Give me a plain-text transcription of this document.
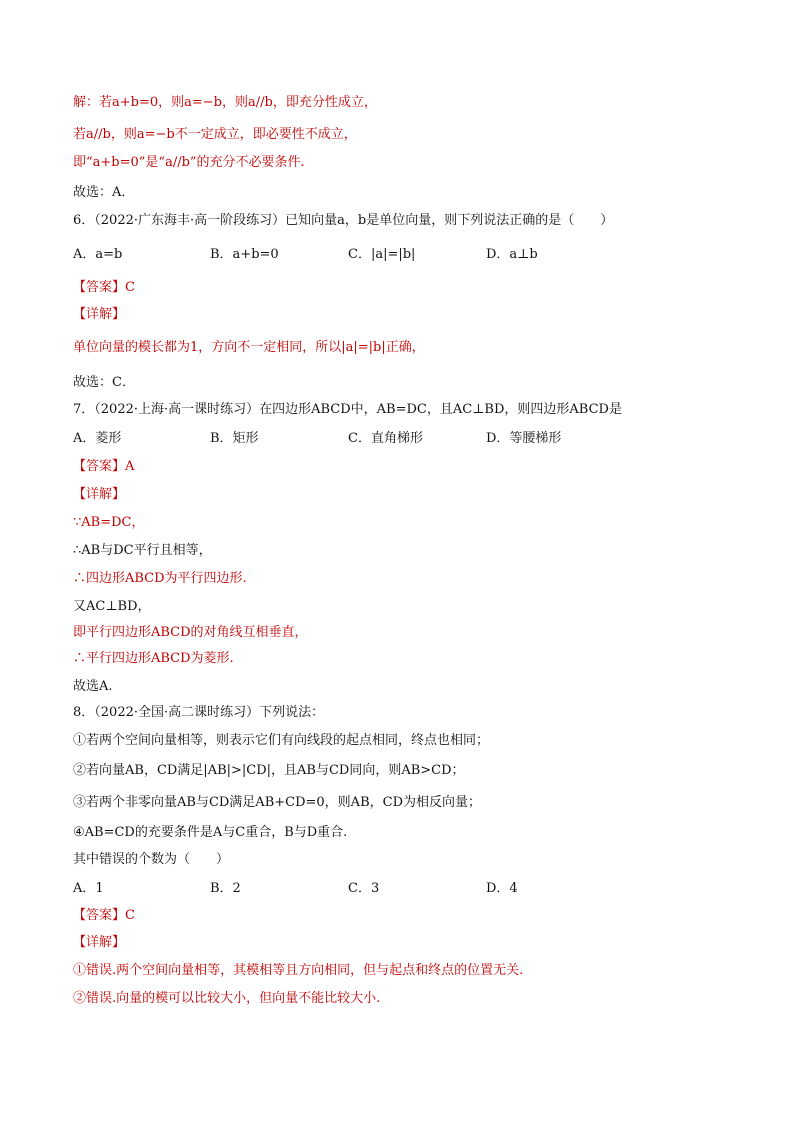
解：若a+b=0，则a=−b，则a//b，即充分性成立，
若a//b，则a=−b不一定成立，即必要性不成立，
即“a+b=0”是“a//b”的充分不必要条件.
故选：A．
6．（2022·广东海丰·高一阶段练习）已知向量a，b是单位向量，则下列说法正确的是（　　）
A．a=b	B．a+b=0	C．|a|=|b|	D．a⊥b
【答案】C
【详解】
单位向量的模长都为1，方向不一定相同，所以|a|=|b|正确，
故选：C．
7．（2022·上海·高一课时练习）在四边形ABCD中，AB=DC，且AC⊥BD，则四边形ABCD是
A．菱形	B．矩形	C．直角梯形	D．等腰梯形
【答案】A
【详解】
∵AB=DC，
∴AB与DC平行且相等，
∴四边形ABCD为平行四边形.
又AC⊥BD，
即平行四边形ABCD的对角线互相垂直，
∴平行四边形ABCD为菱形.
故选A.
8．（2022·全国·高二课时练习）下列说法：
①若两个空间向量相等，则表示它们有向线段的起点相同，终点也相同；
②若向量AB，CD满足|AB|>|CD|，且AB与CD同向，则AB>CD；
③若两个非零向量AB与CD满足AB+CD=0，则AB，CD为相反向量；
④AB=CD的充要条件是A与C重合，B与D重合.
其中错误的个数为（　　）
A．1	B．2	C．3	D．4
【答案】C
【详解】
①错误.两个空间向量相等，其模相等且方向相同，但与起点和终点的位置无关.
②错误.向量的模可以比较大小，但向量不能比较大小.
